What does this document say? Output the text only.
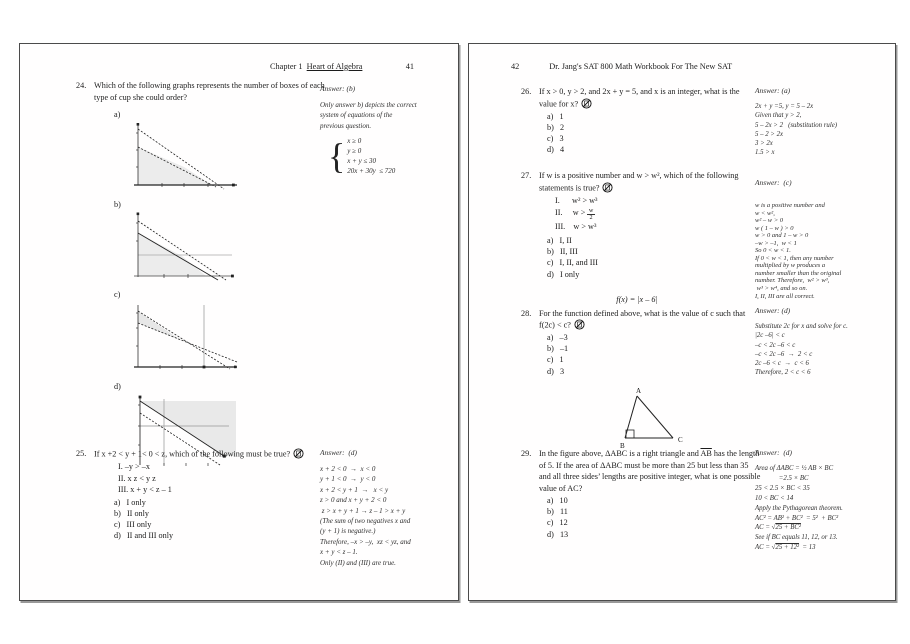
Chapter 1
Heart of Algebra	41
24. Which of the following graphs represents the number of boxes of each type of cup she could order?
a)
b)
c)
d)
25. If x +2 < y + 1< 0 < z, which of the following must be true?
I. –y > –x
II. x z < y z
III. x + y < z – 1
a)   I only
b)   II only
c)   III only
d)   II and III only
Answer: (b)
Only answer b) depicts the correct
system of equations of the
previous question.
{ x ≥ 0
y ≥ 0
x + y ≤ 30
20x + 30y  ≤ 720
Answer:  (d)
x + 2 < 0  →  x < 0
y + 1 < 0  →  y < 0
x + 2 < y + 1  →   x < y
z > 0 and x + y + 2 < 0
z > x + y + 1 → z – 1 > x + y
(The sum of two negatives x and
(y + 1) is negative.)
Therefore, –x > –y,  xz < yz, and
x + y < z – 1.
Only (II) and (III) are true.
42	Dr. Jang's SAT 800 Math Workbook For The New SAT
26. If x > 0, y > 2, and 2x + y = 5, and x is an integer, what is the value for x?
a)   1
b)   2
c)   3
d)   4
Answer: (a)
2x + y =5, y = 5 – 2x
Given that y > 2,
5 – 2x > 2   (substitution rule)
5 – 2 > 2x
3 > 2x
1.5 > x
27. If w is a positive number and w > w², which of the following statements is true?
I.      w² > w³
II.     $w > \frac{w}{2}$
III.    w > w³
a)   I, II
b)   II, III
c)   I, II, and III
d)   I only
Answer:  (c)
w is a positive number and
w < w²,
w² – w > 0
w ( 1 – w ) > 0
w > 0 and 1 – w > 0
–w > –1,  w < 1
So 0 < w < 1.
If 0 < w < 1, then any number
multiplied by w produces a
number smaller than the original
number. Therefore,  w² > w³,
w³ > w⁴, and so on.
I, II, III are all correct.
f(x) = |x – 6|
28. For the function defined above, what is the value of c such that f(2c) < c?
a)   –3
b)   –1
c)   1
d)   3
Answer: (d)
Substitute 2c for x and solve for c.
|2c –6| < c
–c < 2c –6 < c
–c < 2c –6  →  2 < c
2c –6 < c  →  c < 6
Therefore, 2 < c < 6
A
B
C
29. In the figure above, ΔABC is a right triangle and $\overline{AB}$ has the length of 5. If the area of ΔABC must be more than 25 but less than 35 and all three sides’ lengths are positive integer, what is one possible value of AC?
a)   10
b)   11
c)   12
d)   13
Answer:  (d)
Area of ΔABC = ½ AB × BC
=2.5 × BC
25 < 2.5 × BC < 35
10 < BC < 14
Apply the Pythagorean theorem.
AC² = AB² + BC²  = 5²  + BC²
AC = √25 + BC²
See if BC equals 11, 12, or 13.
AC = √25 + 12²  = 13
